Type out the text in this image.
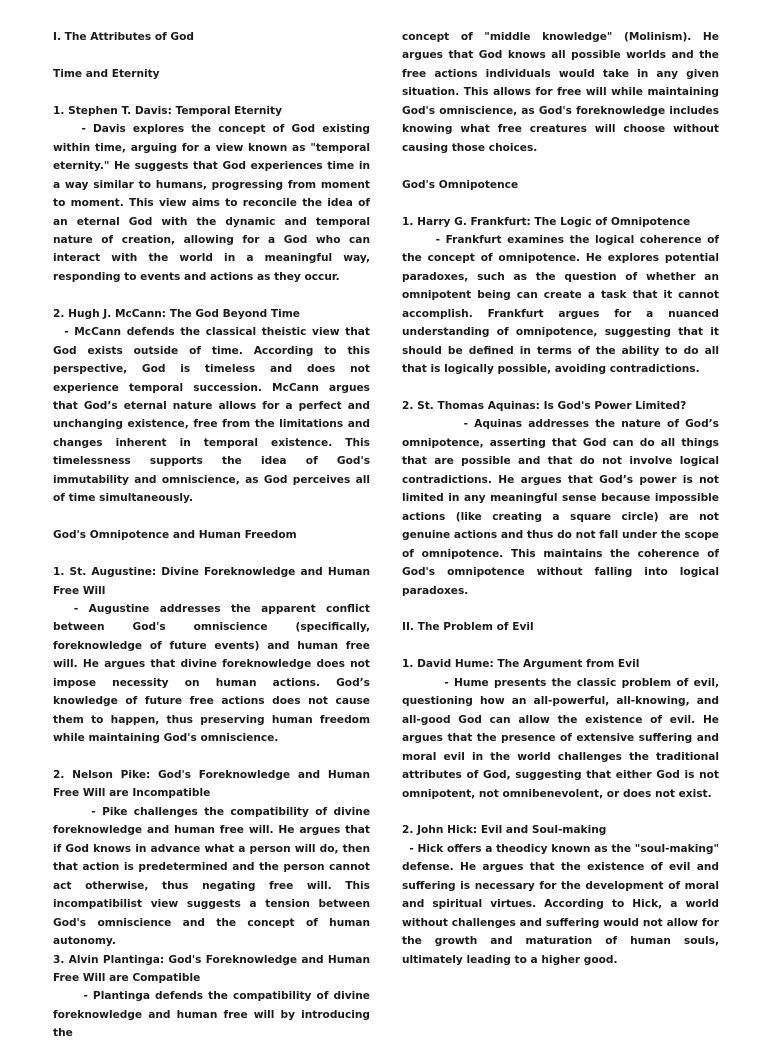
I. The Attributes of God

Time and Eternity

1. Stephen T. Davis: Temporal Eternity

- Davis explores the concept of God existing within time, arguing for a view known as "temporal eternity." He suggests that God experiences time in a way similar to humans, progressing from moment to moment. This view aims to reconcile the idea of an eternal God with the dynamic and temporal nature of creation, allowing for a God who can interact with the world in a meaningful way, responding to events and actions as they occur.

2. Hugh J. McCann: The God Beyond Time

- McCann defends the classical theistic view that God exists outside of time. According to this perspective, God is timeless and does not experience temporal succession. McCann argues that God’s eternal nature allows for a perfect and unchanging existence, free from the limitations and changes inherent in temporal existence. This timelessness supports the idea of God's immutability and omniscience, as God perceives all of time simultaneously.

God's Omnipotence and Human Freedom

1. St. Augustine: Divine Foreknowledge and Human Free Will

- Augustine addresses the apparent conflict between God's omniscience (specifically, foreknowledge of future events) and human free will. He argues that divine foreknowledge does not impose necessity on human actions. God’s knowledge of future free actions does not cause them to happen, thus preserving human freedom while maintaining God's omniscience.

2. Nelson Pike: God's Foreknowledge and Human Free Will are Incompatible

- Pike challenges the compatibility of divine foreknowledge and human free will. He argues that if God knows in advance what a person will do, then that action is predetermined and the person cannot act otherwise, thus negating free will. This incompatibilist view suggests a tension between God's omniscience and the concept of human autonomy.

3. Alvin Plantinga: God's Foreknowledge and Human Free Will are Compatible

- Plantinga defends the compatibility of divine foreknowledge and human free will by introducing the

concept of "middle knowledge" (Molinism). He argues that God knows all possible worlds and the free actions individuals would take in any given situation. This allows for free will while maintaining God's omniscience, as God's foreknowledge includes knowing what free creatures will choose without causing those choices.

God's Omnipotence

1. Harry G. Frankfurt: The Logic of Omnipotence

- Frankfurt examines the logical coherence of the concept of omnipotence. He explores potential paradoxes, such as the question of whether an omnipotent being can create a task that it cannot accomplish. Frankfurt argues for a nuanced understanding of omnipotence, suggesting that it should be defined in terms of the ability to do all that is logically possible, avoiding contradictions.

2. St. Thomas Aquinas: Is God's Power Limited?

- Aquinas addresses the nature of God’s omnipotence, asserting that God can do all things that are possible and that do not involve logical contradictions. He argues that God’s power is not limited in any meaningful sense because impossible actions (like creating a square circle) are not genuine actions and thus do not fall under the scope of omnipotence. This maintains the coherence of God's omnipotence without falling into logical paradoxes.

II. The Problem of Evil

1. David Hume: The Argument from Evil

- Hume presents the classic problem of evil, questioning how an all-powerful, all-knowing, and all-good God can allow the existence of evil. He argues that the presence of extensive suffering and moral evil in the world challenges the traditional attributes of God, suggesting that either God is not omnipotent, not omnibenevolent, or does not exist.

2. John Hick: Evil and Soul-making

- Hick offers a theodicy known as the "soul-making" defense. He argues that the existence of evil and suffering is necessary for the development of moral and spiritual virtues. According to Hick, a world without challenges and suffering would not allow for the growth and maturation of human souls, ultimately leading to a higher good.
